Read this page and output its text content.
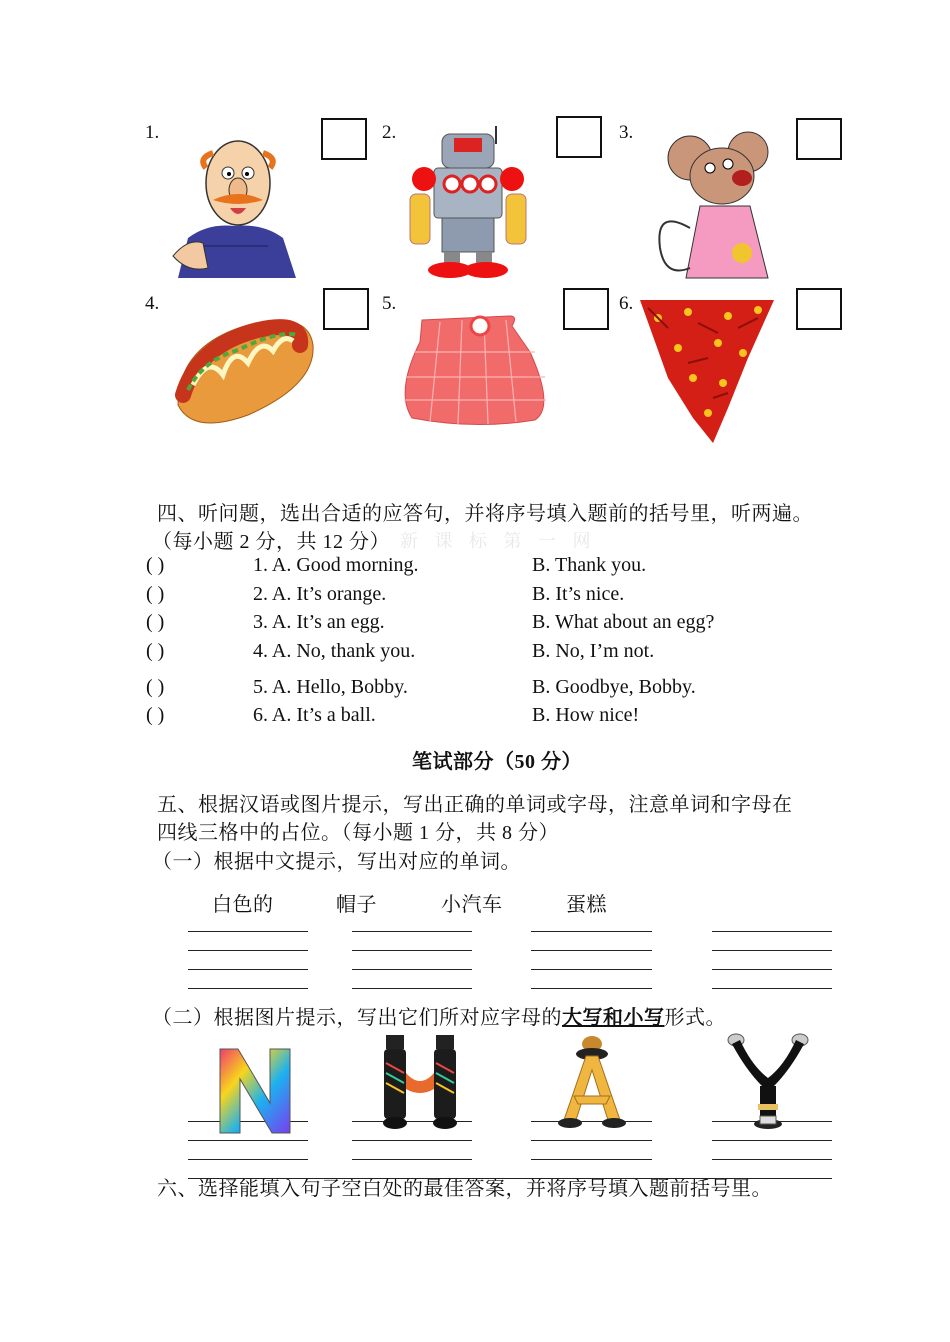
1.	2.	3.
4.	5.	6.
四、听问题，选出合适的应答句，并将序号填入题前的括号里，听两遍。
（每小题 2 分，共 12 分） 新 课 标 第 一 网
( )	1. A. Good morning.	B. Thank you.
( )	2. A. It’s orange.	B. It’s nice.
( )	3. A. It’s an egg.	B. What about an egg?
( )	4. A. No, thank you.	B. No, I’m not.
( )	5. A. Hello, Bobby.	B. Goodbye, Bobby.
( )	6. A. It’s a ball.	B. How nice!
笔试部分（50 分）
五、根据汉语或图片提示，写出正确的单词或字母，注意单词和字母在
四线三格中的占位。（每小题 1 分，共 8 分）
（一）根据中文提示，写出对应的单词。
白色的	帽子	小汽车	蛋糕
（二）根据图片提示，写出它们所对应字母的大写和小写形式。
H
A
六、选择能填入句子空白处的最佳答案，并将序号填入题前括号里。
